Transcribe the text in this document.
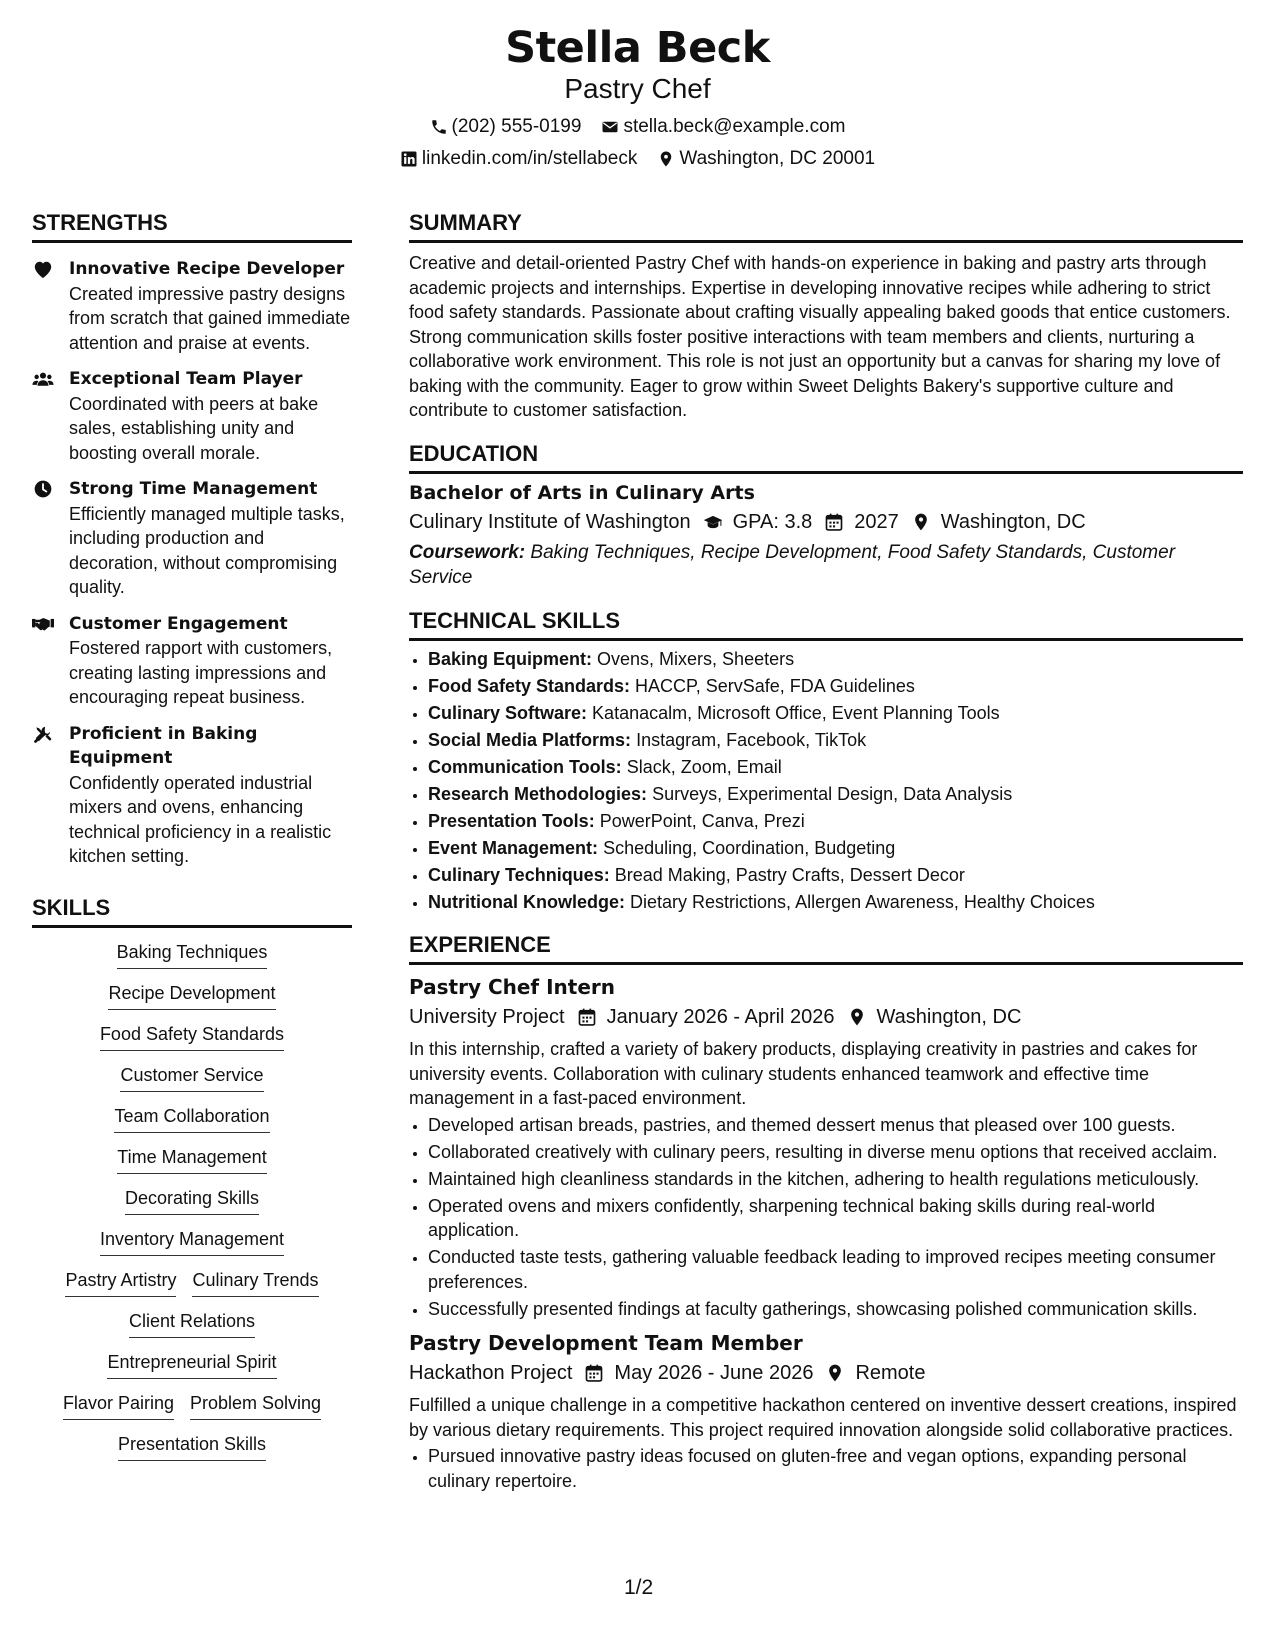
Stella Beck
Pastry Chef
(202) 555-0199 stella.beck@example.com
linkedin.com/in/stellabeck Washington, DC 20001
STRENGTHS
Innovative Recipe Developer
Created impressive pastry designs from scratch that gained immediate attention and praise at events.
Exceptional Team Player
Coordinated with peers at bake sales, establishing unity and boosting overall morale.
Strong Time Management
Efficiently managed multiple tasks, including production and decoration, without compromising quality.
Customer Engagement
Fostered rapport with customers, creating lasting impressions and encouraging repeat business.
Proficient in Baking Equipment
Confidently operated industrial mixers and ovens, enhancing technical proficiency in a realistic kitchen setting.
SKILLS
Baking Techniques
Recipe Development
Food Safety Standards
Customer Service
Team Collaboration
Time Management
Decorating Skills
Inventory Management
Pastry Artistry Culinary Trends
Client Relations
Entrepreneurial Spirit
Flavor Pairing Problem Solving
Presentation Skills
SUMMARY

Creative and detail-oriented Pastry Chef with hands-on experience in baking and pastry arts through academic projects and internships. Expertise in developing innovative recipes while adhering to strict food safety standards. Passionate about crafting visually appealing baked goods that entice customers. Strong communication skills foster positive interactions with team members and clients, nurturing a collaborative work environment. This role is not just an opportunity but a canvas for sharing my love of baking with the community. Eager to grow within Sweet Delights Bakery's supportive culture and contribute to customer satisfaction.

EDUCATION
Bachelor of Arts in Culinary Arts
Culinary Institute of Washington GPA: 3.8 2027 Washington, DC
Coursework: Baking Techniques, Recipe Development, Food Safety Standards, Customer Service
TECHNICAL SKILLS
• Baking Equipment: Ovens, Mixers, Sheeters
• Food Safety Standards: HACCP, ServSafe, FDA Guidelines
• Culinary Software: Katanacalm, Microsoft Office, Event Planning Tools
• Social Media Platforms: Instagram, Facebook, TikTok
• Communication Tools: Slack, Zoom, Email
• Research Methodologies: Surveys, Experimental Design, Data Analysis
• Presentation Tools: PowerPoint, Canva, Prezi
• Event Management: Scheduling, Coordination, Budgeting
• Culinary Techniques: Bread Making, Pastry Crafts, Dessert Decor
• Nutritional Knowledge: Dietary Restrictions, Allergen Awareness, Healthy Choices
EXPERIENCE
Pastry Chef Intern
University Project January 2026 - April 2026 Washington, DC
In this internship, crafted a variety of bakery products, displaying creativity in pastries and cakes for university events. Collaboration with culinary students enhanced teamwork and effective time management in a fast-paced environment.
• Developed artisan breads, pastries, and themed dessert menus that pleased over 100 guests.
• Collaborated creatively with culinary peers, resulting in diverse menu options that received acclaim.
• Maintained high cleanliness standards in the kitchen, adhering to health regulations meticulously.
• Operated ovens and mixers confidently, sharpening technical baking skills during real-world application.
• Conducted taste tests, gathering valuable feedback leading to improved recipes meeting consumer preferences.
• Successfully presented findings at faculty gatherings, showcasing polished communication skills.
Pastry Development Team Member
Hackathon Project May 2026 - June 2026 Remote
Fulfilled a unique challenge in a competitive hackathon centered on inventive dessert creations, inspired by various dietary requirements. This project required innovation alongside solid collaborative practices.
• Pursued innovative pastry ideas focused on gluten-free and vegan options, expanding personal culinary repertoire.
1/2
